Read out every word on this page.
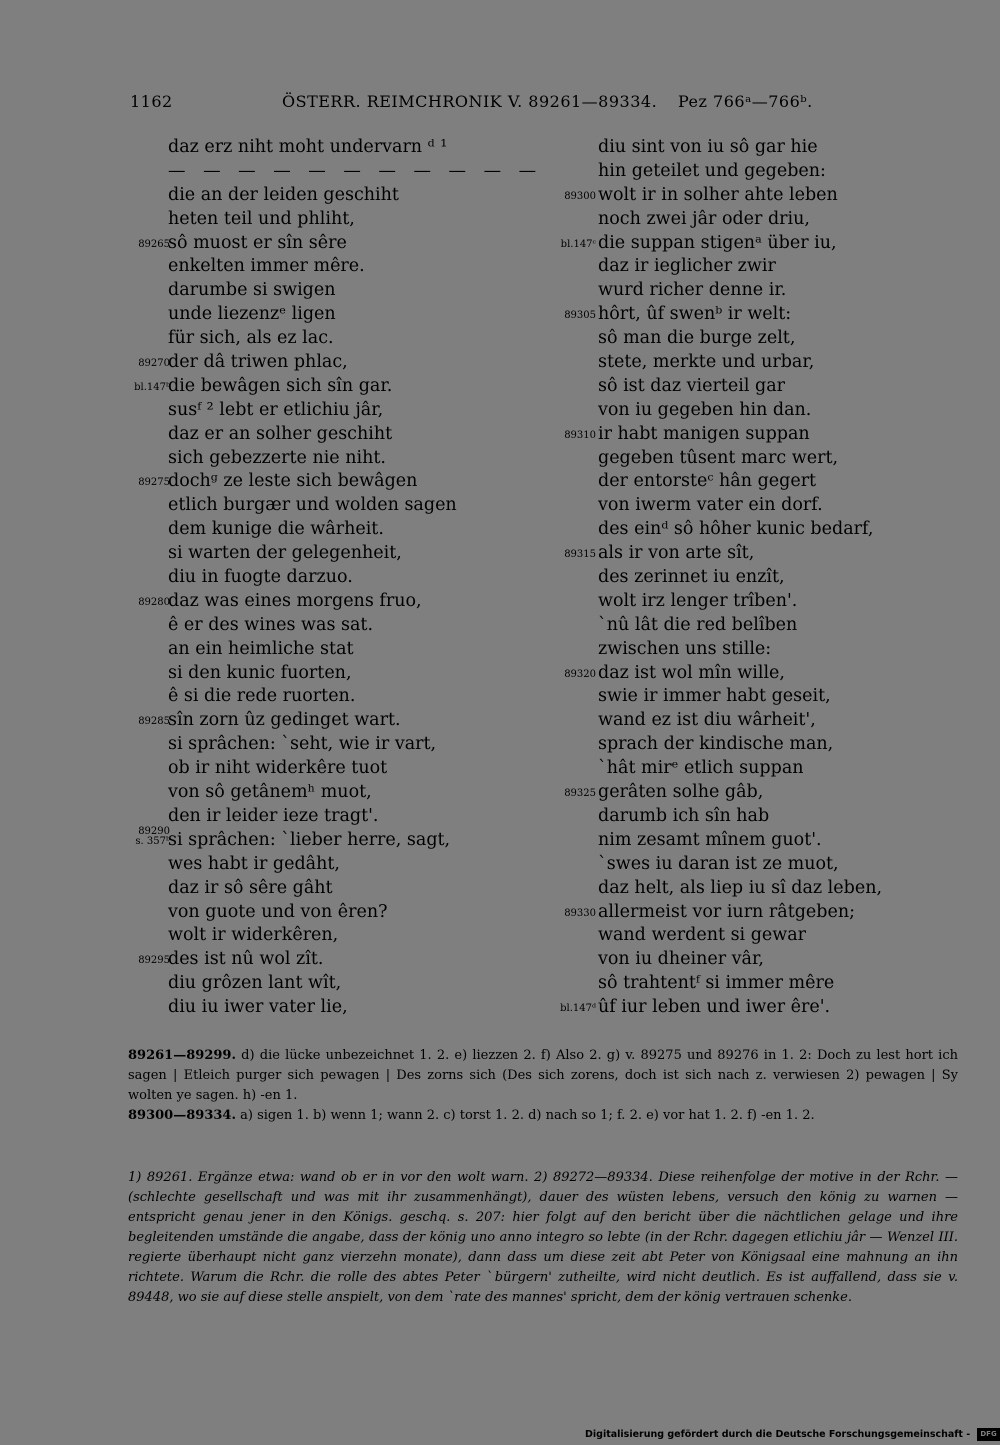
1162	ÖSTERR. REIMCHRONIK V. 89261—89334. Pez 766ᵃ—766ᵇ.
daz erz niht moht undervarn ᵈ ¹
— — — — — — — — — — —
die an der leiden geschiht
heten teil und phliht,
89265
sô muost er sîn sêre
enkelten immer mêre.
darumbe si swigen
unde liezenzᵉ ligen
für sich, als ez lac.
89270
der dâ triwen phlac,
bl.147ᵇ
die bewâgen sich sîn gar.
susᶠ ² lebt er etlichiu jâr,
daz er an solher geschiht
sich gebezzerte nie niht.
89275
dochᵍ ze leste sich bewâgen
etlich burgær und wolden sagen
dem kunige die wârheit.
si warten der gelegenheit,
diu in fuogte darzuo.
89280
daz was eines morgens fruo,
ê er des wines was sat.
an ein heimliche stat
si den kunic fuorten,
ê si die rede ruorten.
89285
sîn zorn ûz gedinget wart.
si sprâchen: ˋseht, wie ir vart,
ob ir niht widerkêre tuot
von sô getânemʰ muot,
den ir leider ieze tragt'.
89290
s. 357ᵇ
si sprâchen: ˋlieber herre, sagt,
wes habt ir gedâht,
daz ir sô sêre gâht
von guote und von êren?
wolt ir widerkêren,
89295
des ist nû wol zît.
diu grôzen lant wît,
diu iu iwer vater lie,
diu sint von iu sô gar hie
hin geteilet und gegeben:
89300 wolt ir in solher ahte leben
noch zwei jâr oder driu,
bl.147ᶜ die suppan stigenᵃ über iu,
daz ir ieglicher zwir
wurd richer denne ir.
89305 hôrt, ûf swenᵇ ir welt:
sô man die burge zelt,
stete, merkte und urbar,
sô ist daz vierteil gar
von iu gegeben hin dan.
89310 ir habt manigen suppan
gegeben tûsent marc wert,
der entorsteᶜ hân gegert
von iwerm vater ein dorf.
des einᵈ sô hôher kunic bedarf,
89315 als ir von arte sît,
des zerinnet iu enzît,
wolt irz lenger trîben'.
ˋnû lât die red belîben
zwischen uns stille:
89320 daz ist wol mîn wille,
swie ir immer habt geseit,
wand ez ist diu wârheit',
sprach der kindische man,
ˋhât mirᵉ etlich suppan
89325 gerâten solhe gâb,
darumb ich sîn hab
nim zesamt mînem guot'.
ˋswes iu daran ist ze muot,
daz helt, als liep iu sî daz leben,
89330 allermeist vor iurn râtgeben;
wand werdent si gewar
von iu dheiner vâr,
sô trahtentᶠ si immer mêre
bl.147ᵈ ûf iur leben und iwer êre'.

89261—89299. d) die lücke unbezeichnet 1. 2. e) liezzen 2. f) Also 2. g) v. 89275 und 89276 in 1. 2: Doch zu lest hort ich sagen | Etleich purger sich pewagen | Des zorns sich (Des sich zorens, doch ist sich nach z. verwiesen 2) pewagen | Sy wolten ye sagen. h) -en 1.

89300—89334. a) sigen 1. b) wenn 1; wann 2. c) torst 1. 2. d) nach so 1; f. 2. e) vor hat 1. 2. f) -en 1. 2.

1) 89261. Ergänze etwa: wand ob er in vor den wolt warn. 2) 89272—89334. Diese reihenfolge der motive in der Rchr. — (schlechte gesellschaft und was mit ihr zusammenhängt), dauer des wüsten lebens, versuch den könig zu warnen — entspricht genau jener in den Königs. geschq. s. 207: hier folgt auf den bericht über die nächtlichen gelage und ihre begleitenden umstände die angabe, dass der könig uno anno integro so lebte (in der Rchr. dagegen etlichiu jâr — Wenzel III. regierte überhaupt nicht ganz vierzehn monate), dann dass um diese zeit abt Peter von Königsaal eine mahnung an ihn richtete. Warum die Rchr. die rolle des abtes Peter ˋbürgern' zutheilte, wird nicht deutlich. Es ist auffallend, dass sie v. 89448, wo sie auf diese stelle anspielt, von dem ˋrate des mannes' spricht, dem der könig vertrauen schenke.

Digitalisierung gefördert durch die Deutsche Forschungsgemeinschaft -	DFG
